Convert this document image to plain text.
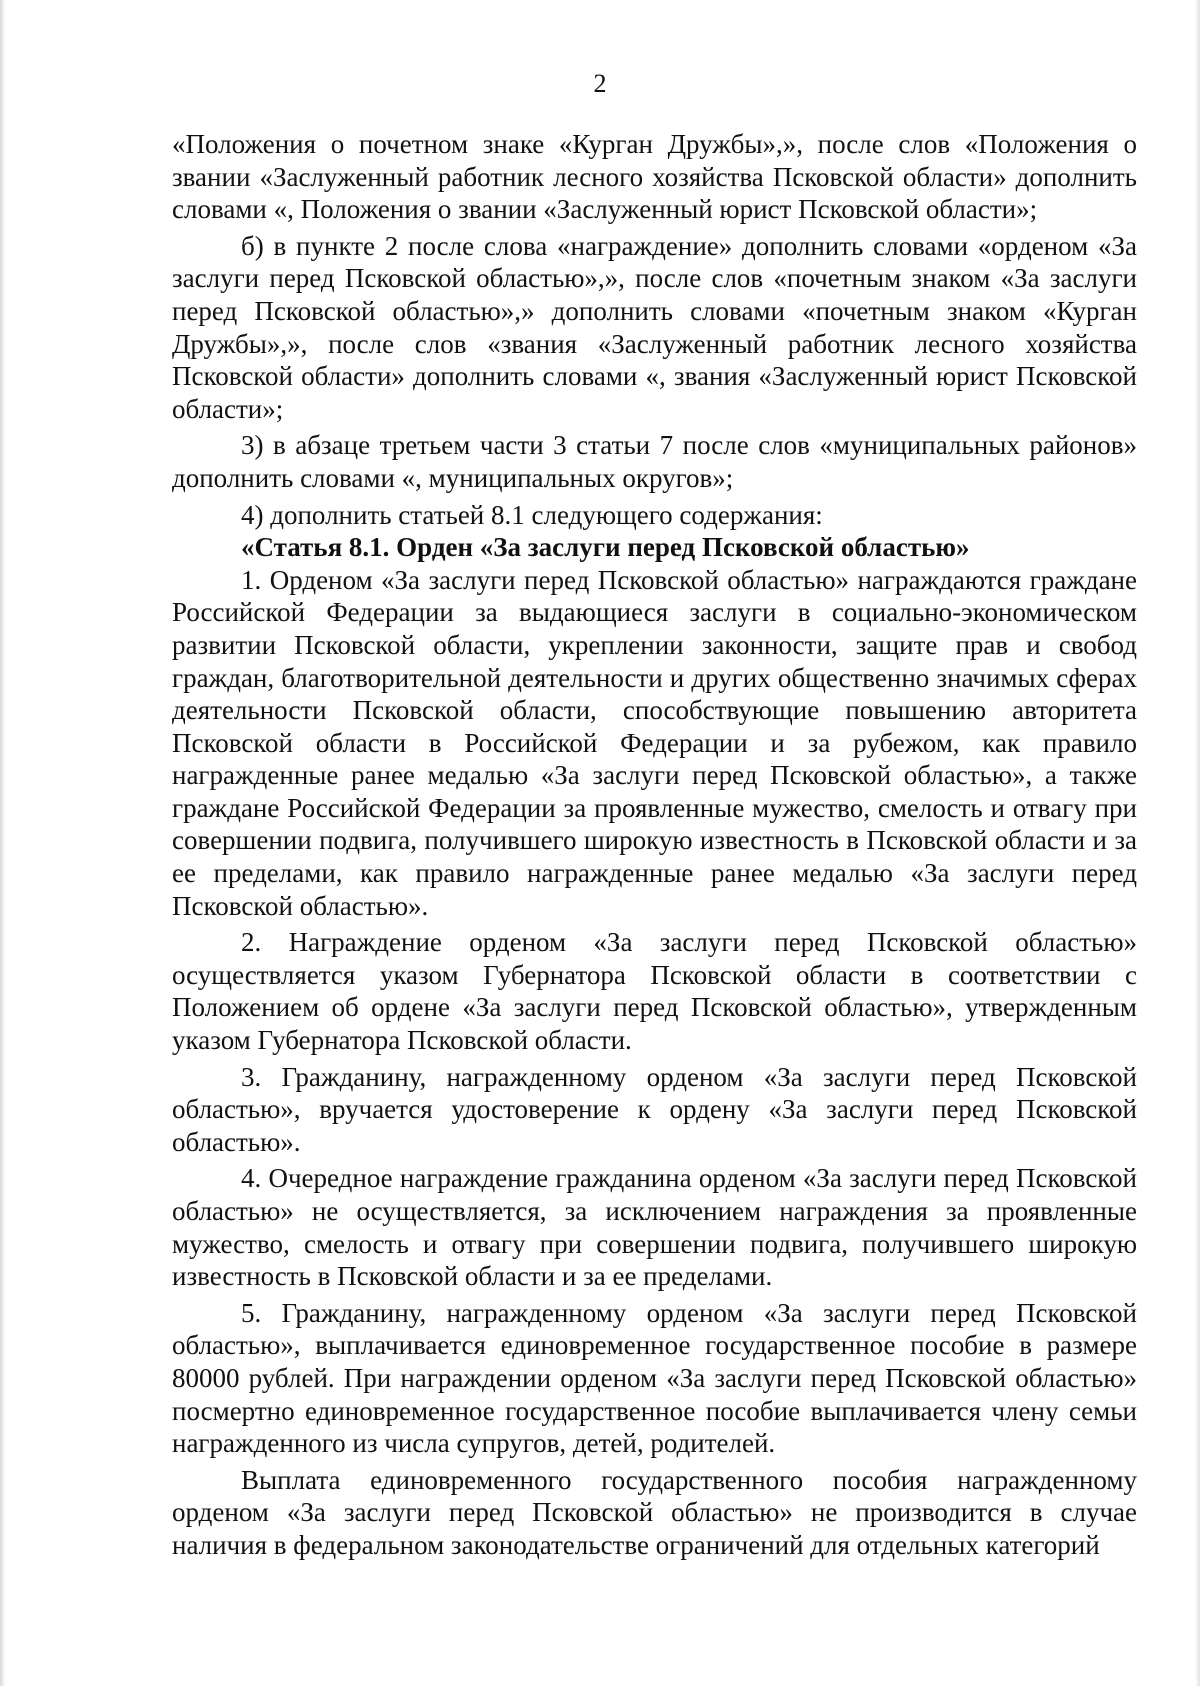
2

«Положения о почетном знаке «Курган Дружбы»,», после слов «Положения о звании «Заслуженный работник лесного хозяйства Псковской области» дополнить словами «, Положения о звании «Заслуженный юрист Псковской области»;

б) в пункте 2 после слова «награждение» дополнить словами «орденом «За заслуги перед Псковской областью»,», после слов «почетным знаком «За заслуги перед Псковской областью»,» дополнить словами «почетным знаком «Курган Дружбы»,», после слов «звания «Заслуженный работник лесного хозяйства Псковской области» дополнить словами «, звания «Заслуженный юрист Псковской области»;

3) в абзаце третьем части 3 статьи 7 после слов «муниципальных районов» дополнить словами «, муниципальных округов»;

4) дополнить статьей 8.1 следующего содержания:

«Статья 8.1. Орден «За заслуги перед Псковской областью»

1. Орденом «За заслуги перед Псковской областью» награждаются граждане Российской Федерации за выдающиеся заслуги в социально-экономическом развитии Псковской области, укреплении законности, защите прав и свобод граждан, благотворительной деятельности и других общественно значимых сферах деятельности Псковской области, способствующие повышению авторитета Псковской области в Российской Федерации и за рубежом, как правило награжденные ранее медалью «За заслуги перед Псковской областью», а также граждане Российской Федерации за проявленные мужество, смелость и отвагу при совершении подвига, получившего широкую известность в Псковской области и за ее пределами, как правило награжденные ранее медалью «За заслуги перед Псковской областью».

2. Награждение орденом «За заслуги перед Псковской областью» осуществляется указом Губернатора Псковской области в соответствии с Положением об ордене «За заслуги перед Псковской областью», утвержденным указом Губернатора Псковской области.

3. Гражданину, награжденному орденом «За заслуги перед Псковской областью», вручается удостоверение к ордену «За заслуги перед Псковской областью».

4. Очередное награждение гражданина орденом «За заслуги перед Псковской областью» не осуществляется, за исключением награждения за проявленные мужество, смелость и отвагу при совершении подвига, получившего широкую известность в Псковской области и за ее пределами.

5. Гражданину, награжденному орденом «За заслуги перед Псковской областью», выплачивается единовременное государственное пособие в размере 80000 рублей. При награждении орденом «За заслуги перед Псковской областью» посмертно единовременное государственное пособие выплачивается члену семьи награжденного из числа супругов, детей, родителей.

Выплата единовременного государственного пособия награжденному орденом «За заслуги перед Псковской областью» не производится в случае наличия в федеральном законодательстве ограничений для отдельных категорий
